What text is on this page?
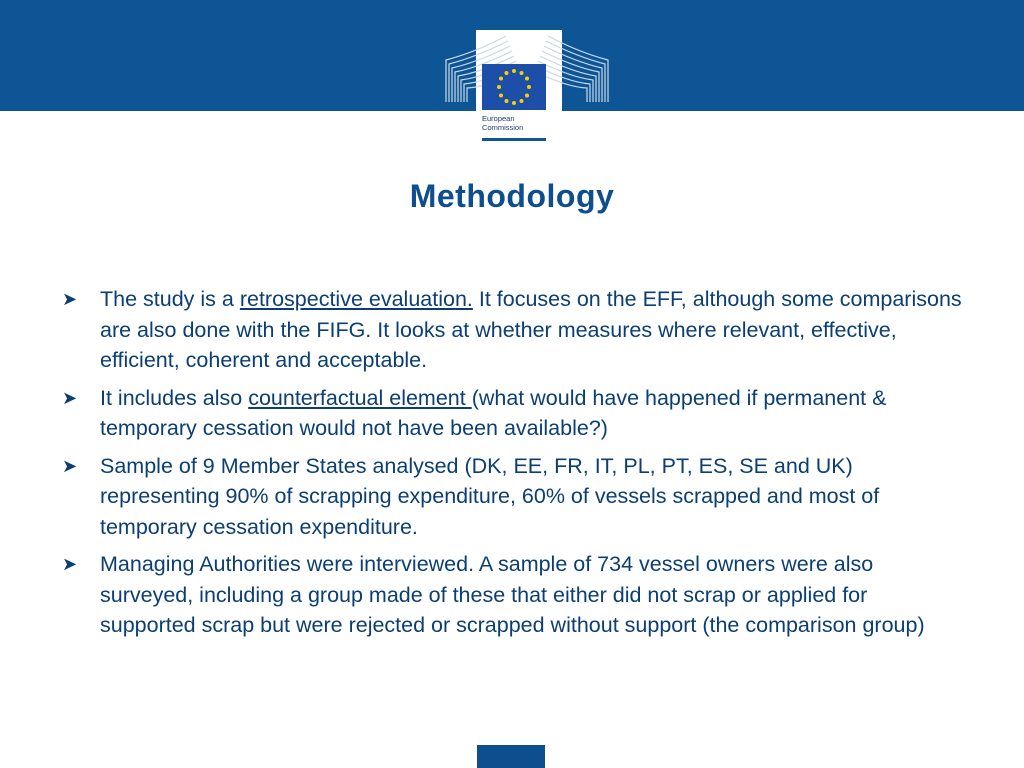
European
Commission
Methodology
➤ The study is a retrospective evaluation. It focuses on the EFF, although some comparisons are also done with the FIFG. It looks at whether measures where relevant, effective, efficient, coherent and acceptable.
➤ It includes also counterfactual element (what would have happened if permanent & temporary cessation would not have been available?)
➤ Sample of 9 Member States analysed (DK, EE, FR, IT, PL, PT, ES, SE and UK) representing 90% of scrapping expenditure, 60% of vessels scrapped and most of temporary cessation expenditure.
➤ Managing Authorities were interviewed. A sample of 734 vessel owners were also surveyed, including a group made of these that either did not scrap or applied for supported scrap but were rejected or scrapped without support (the comparison group)
